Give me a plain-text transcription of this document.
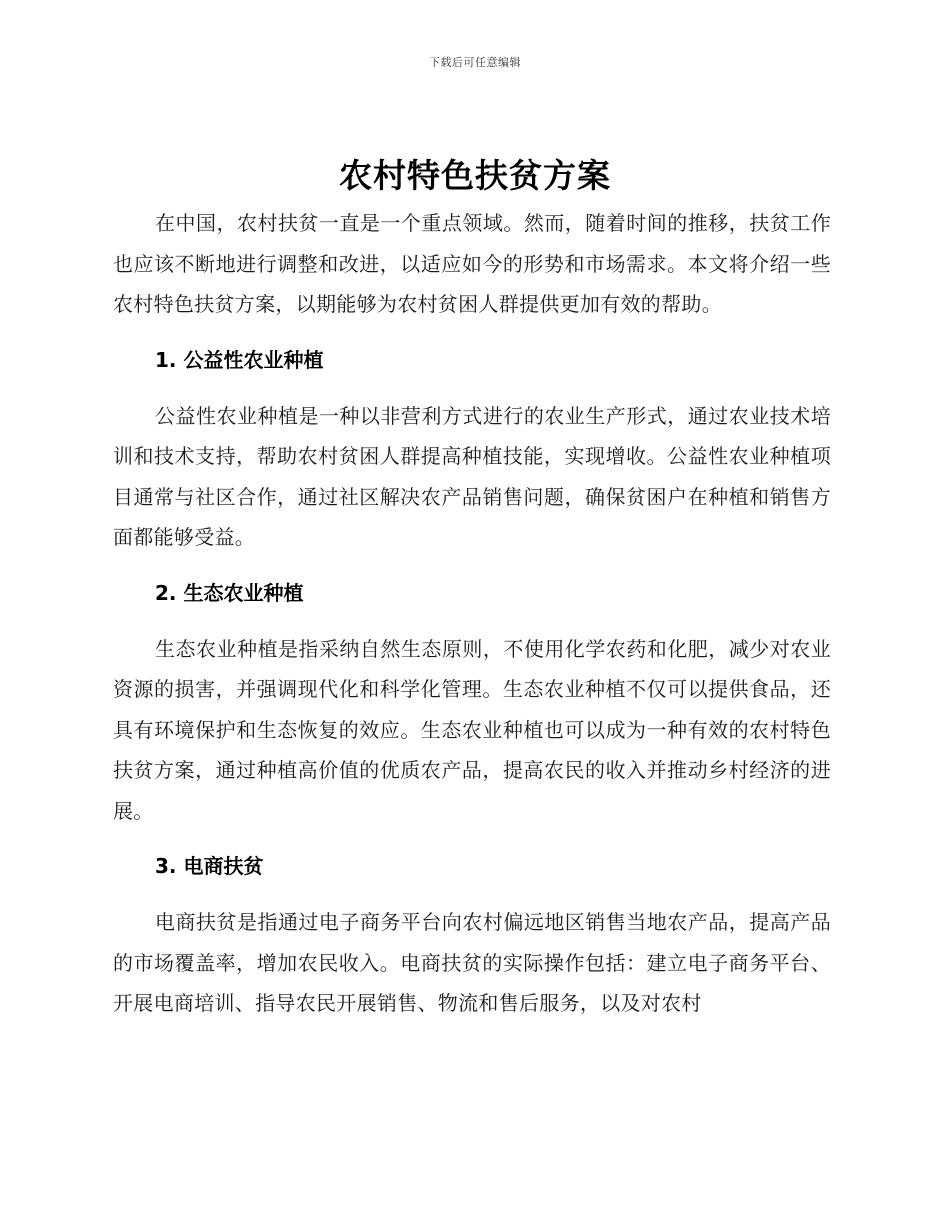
下载后可任意编辑
农村特色扶贫方案

在中国，农村扶贫一直是一个重点领域。然而，随着时间的推移，扶贫工作也应该不断地进行调整和改进，以适应如今的形势和市场需求。本文将介绍一些农村特色扶贫方案，以期能够为农村贫困人群提供更加有效的帮助。

1. 公益性农业种植

公益性农业种植是一种以非营利方式进行的农业生产形式，通过农业技术培训和技术支持，帮助农村贫困人群提高种植技能，实现增收。公益性农业种植项目通常与社区合作，通过社区解决农产品销售问题，确保贫困户在种植和销售方面都能够受益。

2. 生态农业种植

生态农业种植是指采纳自然生态原则，不使用化学农药和化肥，减少对农业资源的损害，并强调现代化和科学化管理。生态农业种植不仅可以提供食品，还具有环境保护和生态恢复的效应。生态农业种植也可以成为一种有效的农村特色扶贫方案，通过种植高价值的优质农产品，提高农民的收入并推动乡村经济的进展。

3. 电商扶贫

电商扶贫是指通过电子商务平台向农村偏远地区销售当地农产品，提高产品的市场覆盖率，增加农民收入。电商扶贫的实际操作包括：建立电子商务平台、开展电商培训、指导农民开展销售、物流和售后服务，以及对农村
